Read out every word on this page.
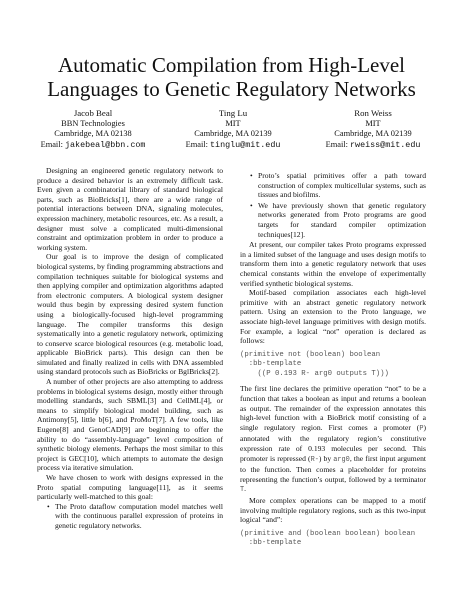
Automatic Compilation from High-Level
Languages to Genetic Regulatory Networks
Jacob Beal
BBN Technologies
Cambridge, MA 02138
Email: jakebeal@bbn.com
Ting Lu
MIT
Cambridge, MA 02139
Email: tinglu@mit.edu
Ron Weiss
MIT
Cambridge, MA 02139
Email: rweiss@mit.edu

Designing an engineered genetic regulatory network to produce a desired behavior is an extremely difficult task. Even given a combinatorial library of standard biological parts, such as BioBricks[1], there are a wide range of potential interactions between DNA, signaling molecules, expression machinery, metabolic resources, etc. As a result, a designer must solve a complicated multi-dimensional constraint and optimization problem in order to produce a working system.

Our goal is to improve the design of complicated biological systems, by finding programming abstractions and compilation techniques suitable for biological systems and then applying compiler and optimization algorithms adapted from electronic computers. A biological system designer would thus begin by expressing desired system function using a biologically-focused high-level programming language. The compiler transforms this design systematically into a genetic regulatory network, optimizing to conserve scarce biological resources (e.g. metabolic load, applicable BioBrick parts). This design can then be simulated and finally realized in cells with DNA assembled using standard protocols such as BioBricks or BglBricks[2].

A number of other projects are also attempting to address problems in biological systems design, mostly either through modelling standards, such SBML[3] and CellML[4], or means to simplify biological model building, such as Antimony[5], little b[6], and ProMoT[7]. A few tools, like Eugene[8] and GenoCAD[9] are beginning to offer the ability to do “assembly-language” level composition of synthetic biology elements. Perhaps the most similar to this project is GEC[10], which attempts to automate the design process via iterative simulation.

We have chosen to work with designs expressed in the Proto spatial computing language[11], as it seems particularly well-matched to this goal:

• The Proto dataflow computation model matches well with the continuous parallel expression of proteins in genetic regulatory networks.
• Proto’s spatial primitives offer a path toward construction of complex multicellular systems, such as tissues and biofilms.
• We have previously shown that genetic regulatory networks generated from Proto programs are good targets for standard compiler optimization techniques[12].

At present, our compiler takes Proto programs expressed in a limited subset of the language and uses design motifs to transform them into a genetic regulatory network that uses chemical constants within the envelope of experimentally verified synthetic biological systems.

Motif-based compilation associates each high-level primitive with an abstract genetic regulatory network pattern. Using an extension to the Proto language, we associate high-level language primitives with design motifs. For example, a logical “not” operation is declared as follows:

(primitive not (boolean) boolean
:bb-template
((P 0.193 R- arg0 outputs T)))

The first line declares the primitive operation “not” to be a function that takes a boolean as input and returns a boolean as output. The remainder of the expression annotates this high-level function with a BioBrick motif consisting of a single regulatory region. First comes a promoter (P) annotated with the regulatory region’s constitutive expression rate of 0.193 molecules per second. This promoter is repressed (R-) by arg0, the first input argument to the function. Then comes a placeholder for proteins representing the function’s output, followed by a terminator T.

More complex operations can be mapped to a motif involving multiple regulatory regions, such as this two-input logical “and”:

(primitive and (boolean boolean) boolean
:bb-template
